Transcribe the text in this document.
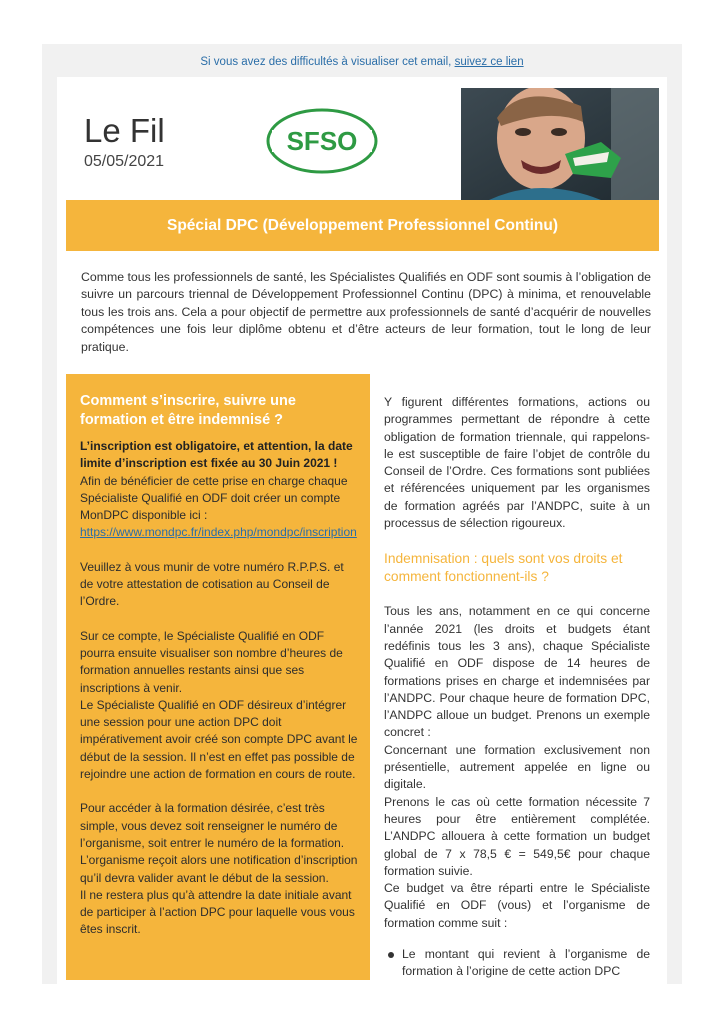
Si vous avez des difficultés à visualiser cet email, suivez ce lien
Le Fil
05/05/2021
SFSO
Spécial DPC (Développement Professionnel Continu)
Comme tous les professionnels de santé, les Spécialistes Qualifiés en ODF sont soumis à l’obligation de suivre un parcours triennal de Développement Professionnel Continu (DPC) à minima, et renouvelable tous les trois ans. Cela a pour objectif de permettre aux professionnels de santé d’acquérir de nouvelles compétences une fois leur diplôme obtenu et d’être acteurs de leur formation, tout le long de leur pratique.
Comment s’inscrire, suivre une formation et être indemnisé ?

L’inscription est obligatoire, et attention, la date limite d’inscription est fixée au 30 Juin 2021 !

Afin de bénéficier de cette prise en charge chaque Spécialiste Qualifié en ODF doit créer un compte MonDPC disponible ici :

https://www.mondpc.fr/index.php/mondpc/inscription

Veuillez à vous munir de votre numéro R.P.P.S. et de votre attestation de cotisation au Conseil de l’Ordre.

Sur ce compte, le Spécialiste Qualifié en ODF pourra ensuite visualiser son nombre d’heures de formation annuelles restants ainsi que ses inscriptions à venir.

Le Spécialiste Qualifié en ODF désireux d’intégrer une session pour une action DPC doit impérativement avoir créé son compte DPC avant le début de la session. Il n’est en effet pas possible de rejoindre une action de formation en cours de route.

Pour accéder à la formation désirée, c’est très simple, vous devez soit renseigner le numéro de l’organisme, soit entrer le numéro de la formation. L’organisme reçoit alors une notification d’inscription qu’il devra valider avant le début de la session.

Il ne restera plus qu’à attendre la date initiale avant de participer à l’action DPC pour laquelle vous vous êtes inscrit.

Y figurent différentes formations, actions ou programmes permettant de répondre à cette obligation de formation triennale, qui rappelons-le est susceptible de faire l’objet de contrôle du Conseil de l’Ordre. Ces formations sont publiées et référencées uniquement par les organismes de formation agréés par l’ANDPC, suite à un processus de sélection rigoureux.

Indemnisation : quels sont vos droits et comment fonctionnent-ils ?

Tous les ans, notamment en ce qui concerne l’année 2021 (les droits et budgets étant redéfinis tous les 3 ans), chaque Spécialiste Qualifié en ODF dispose de 14 heures de formations prises en charge et indemnisées par l’ANDPC. Pour chaque heure de formation DPC, l’ANDPC alloue un budget. Prenons un exemple concret :

Concernant une formation exclusivement non présentielle, autrement appelée en ligne ou digitale.

Prenons le cas où cette formation nécessite 7 heures pour être entièrement complétée. L’ANDPC allouera à cette formation un budget global de 7 x 78,5 € = 549,5€ pour chaque formation suivie.

Ce budget va être réparti entre le Spécialiste Qualifié en ODF (vous) et l’organisme de formation comme suit :

Le montant qui revient à l’organisme de formation à l’origine de cette action DPC
